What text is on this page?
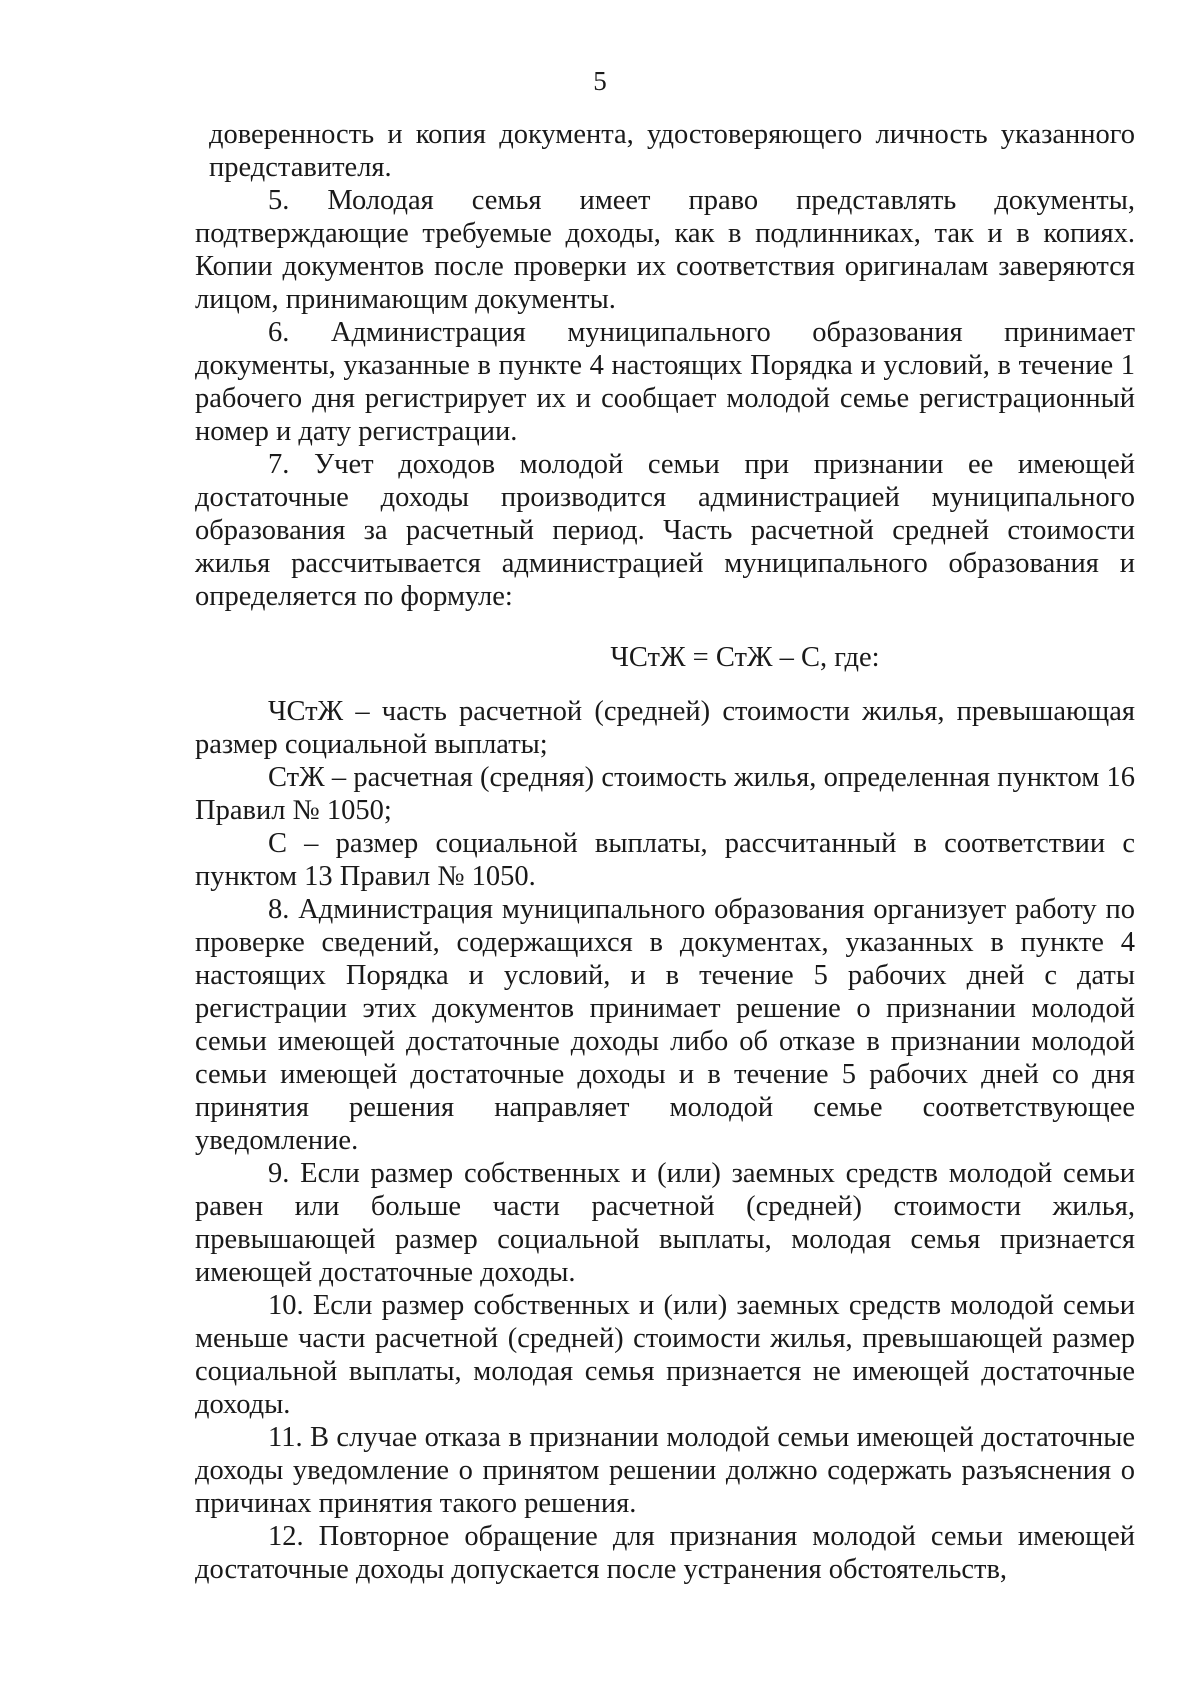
5

доверенность и копия документа, удостоверяющего личность указанного представителя.

5. Молодая семья имеет право представлять документы, подтверждающие требуемые доходы, как в подлинниках, так и в копиях. Копии документов после проверки их соответствия оригиналам заверяются лицом, принимающим документы.

6. Администрация муниципального образования принимает документы, указанные в пункте 4 настоящих Порядка и условий, в течение 1 рабочего дня регистрирует их и сообщает молодой семье регистрационный номер и дату регистрации.

7. Учет доходов молодой семьи при признании ее имеющей достаточные доходы производится администрацией муниципального образования за расчетный период. Часть расчетной средней стоимости жилья рассчитывается администрацией муниципального образования и определяется по формуле:

ЧСтЖ = СтЖ – С, где:

ЧСтЖ – часть расчетной (средней) стоимости жилья, превышающая размер социальной выплаты;

СтЖ – расчетная (средняя) стоимость жилья, определенная пунктом 16 Правил № 1050;

С – размер социальной выплаты, рассчитанный в соответствии с пунктом 13 Правил № 1050.

8. Администрация муниципального образования организует работу по проверке сведений, содержащихся в документах, указанных в пункте 4 настоящих Порядка и условий, и в течение 5 рабочих дней с даты регистрации этих документов принимает решение о признании молодой семьи имеющей достаточные доходы либо об отказе в признании молодой семьи имеющей достаточные доходы и в течение 5 рабочих дней со дня принятия решения направляет молодой семье соответствующее уведомление.

9. Если размер собственных и (или) заемных средств молодой семьи равен или больше части расчетной (средней) стоимости жилья, превышающей размер социальной выплаты, молодая семья признается имеющей достаточные доходы.

10. Если размер собственных и (или) заемных средств молодой семьи меньше части расчетной (средней) стоимости жилья, превышающей размер социальной выплаты, молодая семья признается не имеющей достаточные доходы.

11. В случае отказа в признании молодой семьи имеющей достаточные доходы уведомление о принятом решении должно содержать разъяснения о причинах принятия такого решения.

12. Повторное обращение для признания молодой семьи имеющей достаточные доходы допускается после устранения обстоятельств,
